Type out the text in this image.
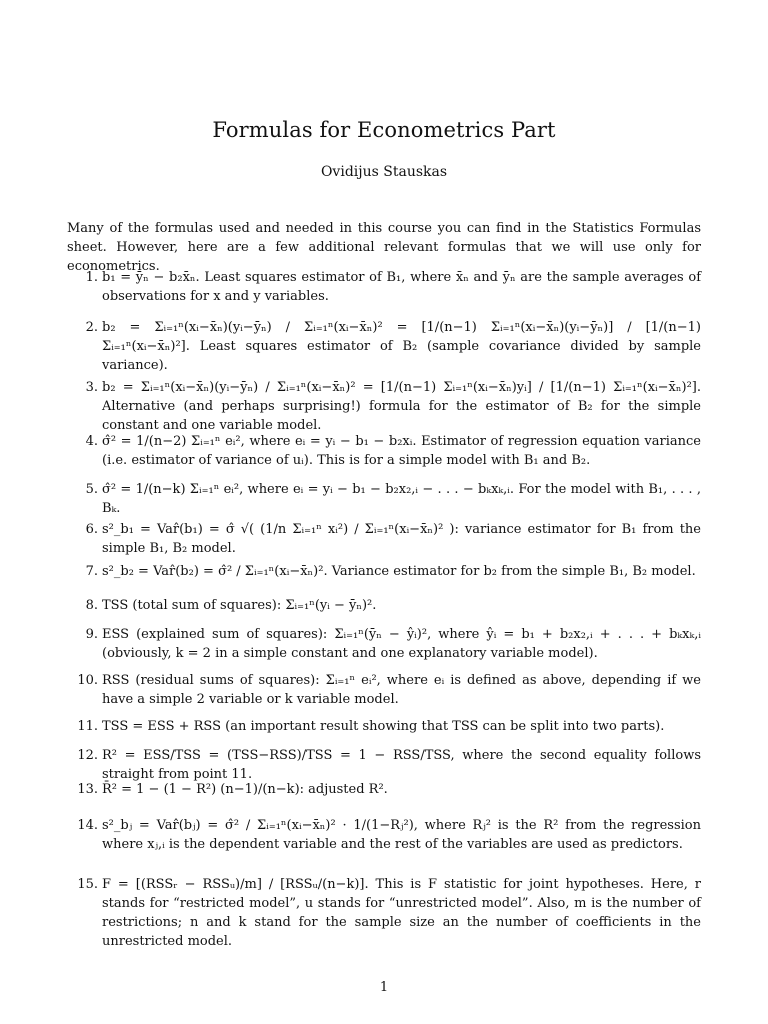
Formulas for Econometrics Part
Ovidijus Stauskas
Many of the formulas used and needed in this course you can find in the Statistics Formulas sheet. However, here are a few additional relevant formulas that we will use only for econometrics.
1. b₁ = ȳₙ − b₂x̄ₙ. Least squares estimator of B₁, where x̄ₙ and ȳₙ are the sample averages of observations for x and y variables.
2. b₂ = Σᵢ₌₁ⁿ(xᵢ−x̄ₙ)(yᵢ−ȳₙ) / Σᵢ₌₁ⁿ(xᵢ−x̄ₙ)² = [1/(n−1) Σᵢ₌₁ⁿ(xᵢ−x̄ₙ)(yᵢ−ȳₙ)] / [1/(n−1) Σᵢ₌₁ⁿ(xᵢ−x̄ₙ)²]. Least squares estimator of B₂ (sample covariance divided by sample variance).
3. b₂ = Σᵢ₌₁ⁿ(xᵢ−x̄ₙ)(yᵢ−ȳₙ) / Σᵢ₌₁ⁿ(xᵢ−x̄ₙ)² = [1/(n−1) Σᵢ₌₁ⁿ(xᵢ−x̄ₙ)yᵢ] / [1/(n−1) Σᵢ₌₁ⁿ(xᵢ−x̄ₙ)²]. Alternative (and perhaps surprising!) formula for the estimator of B₂ for the simple constant and one variable model.
4. σ̂² = 1/(n−2) Σᵢ₌₁ⁿ eᵢ², where eᵢ = yᵢ − b₁ − b₂xᵢ. Estimator of regression equation variance (i.e. estimator of variance of uᵢ). This is for a simple model with B₁ and B₂.
5. σ̂² = 1/(n−k) Σᵢ₌₁ⁿ eᵢ², where eᵢ = yᵢ − b₁ − b₂x₂,ᵢ − . . . − bₖxₖ,ᵢ. For the model with B₁, . . . , Bₖ.
6. s²_b₁ = Var̂(b₁) = σ̂ √( (1/n Σᵢ₌₁ⁿ xᵢ²) / Σᵢ₌₁ⁿ(xᵢ−x̄ₙ)² ): variance estimator for B₁ from the simple B₁, B₂ model.
7. s²_b₂ = Var̂(b₂) = σ̂² / Σᵢ₌₁ⁿ(xᵢ−x̄ₙ)². Variance estimator for b₂ from the simple B₁, B₂ model.
8. TSS (total sum of squares): Σᵢ₌₁ⁿ(yᵢ − ȳₙ)².
9. ESS (explained sum of squares): Σᵢ₌₁ⁿ(ȳₙ − ŷᵢ)², where ŷᵢ = b₁ + b₂x₂,ᵢ + . . . + bₖxₖ,ᵢ (obviously, k = 2 in a simple constant and one explanatory variable model).
10. RSS (residual sums of squares): Σᵢ₌₁ⁿ eᵢ², where eᵢ is defined as above, depending if we have a simple 2 variable or k variable model.
11. TSS = ESS + RSS (an important result showing that TSS can be split into two parts).
12. R² = ESS/TSS = (TSS−RSS)/TSS = 1 − RSS/TSS, where the second equality follows straight from point 11.
13. R̄² = 1 − (1 − R²) (n−1)/(n−k): adjusted R².
14. s²_bⱼ = Var̂(bⱼ) = σ̂² / Σᵢ₌₁ⁿ(xᵢ−x̄ₙ)² · 1/(1−Rⱼ²), where Rⱼ² is the R² from the regression where xⱼ,ᵢ is the dependent variable and the rest of the variables are used as predictors.
15. F = [(RSSᵣ − RSSᵤ)/m] / [RSSᵤ/(n−k)]. This is F statistic for joint hypotheses. Here, r stands for “restricted model”, u stands for “unrestricted model”. Also, m is the number of restrictions; n and k stand for the sample size an the number of coefficients in the unrestricted model.
1
